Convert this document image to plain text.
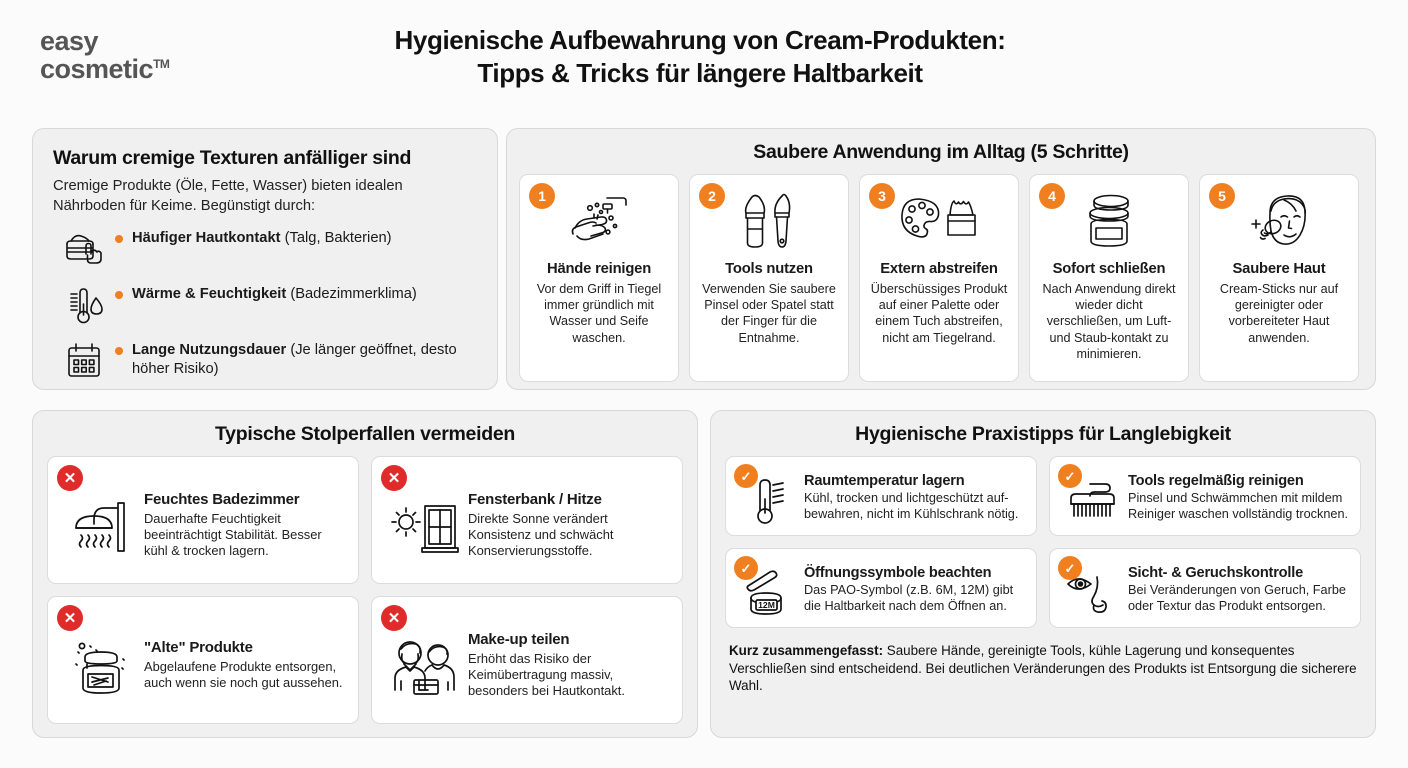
easy
cosmetic™
Hygienische Aufbewahrung von Cream-Produkten:
Tipps & Tricks für längere Haltbarkeit
Warum cremige Texturen anfälliger sind
Cremige Produkte (Öle, Fette, Wasser) bieten idealen Nährboden für Keime. Begünstigt durch:
Häufiger Hautkontakt (Talg, Bakterien)
Wärme & Feuchtigkeit (Badezimmerklima)
Lange Nutzungsdauer (Je länger geöffnet, desto höher Risiko)
Saubere Anwendung im Alltag (5 Schritte)
1
Hände reinigen
Vor dem Griff in Tiegel immer gründlich mit Wasser und Seife waschen.
2
Tools nutzen
Verwenden Sie saubere Pinsel oder Spatel statt der Finger für die Entnahme.
3
Extern abstreifen
Überschüssiges Produkt auf einer Palette oder einem Tuch abstreifen, nicht am Tiegelrand.
4
Sofort schließen
Nach Anwendung direkt wieder dicht verschließen, um Luft- und Staub-kontakt zu minimieren.
5
Saubere Haut
Cream-Sticks nur auf gereinigter oder vorbereiteter Haut anwenden.
Typische Stolperfallen vermeiden
✕
Feuchtes Badezimmer
Dauerhafte Feuchtigkeit beeinträchtigt Stabilität. Besser kühl & trocken lagern.
✕
Fensterbank / Hitze
Direkte Sonne verändert Konsistenz und schwächt Konservierungsstoffe.
✕
"Alte" Produkte
Abgelaufene Produkte entsorgen, auch wenn sie noch gut aussehen.
✕
Make-up teilen
Erhöht das Risiko der Keimübertragung massiv, besonders bei Hautkontakt.
Hygienische Praxistipps für Langlebigkeit
✓	Raumtemperatur lagern
Kühl, trocken und lichtgeschützt auf-bewahren, nicht im Kühlschrank nötig.
✓	Tools regelmäßig reinigen
Pinsel und Schwämmchen mit mildem Reiniger waschen vollständig trocknen.
✓
12M
Öffnungssymbole beachten
Das PAO-Symbol (z.B. 6M, 12M) gibt die Haltbarkeit nach dem Öffnen an.
✓	Sicht- & Geruchskontrolle
Bei Veränderungen von Geruch, Farbe oder Textur das Produkt entsorgen.
Kurz zusammengefasst: Saubere Hände, gereinigte Tools, kühle Lagerung und konsequentes Verschließen sind entscheidend. Bei deutlichen Veränderungen des Produkts ist Entsorgung die sicherere Wahl.
